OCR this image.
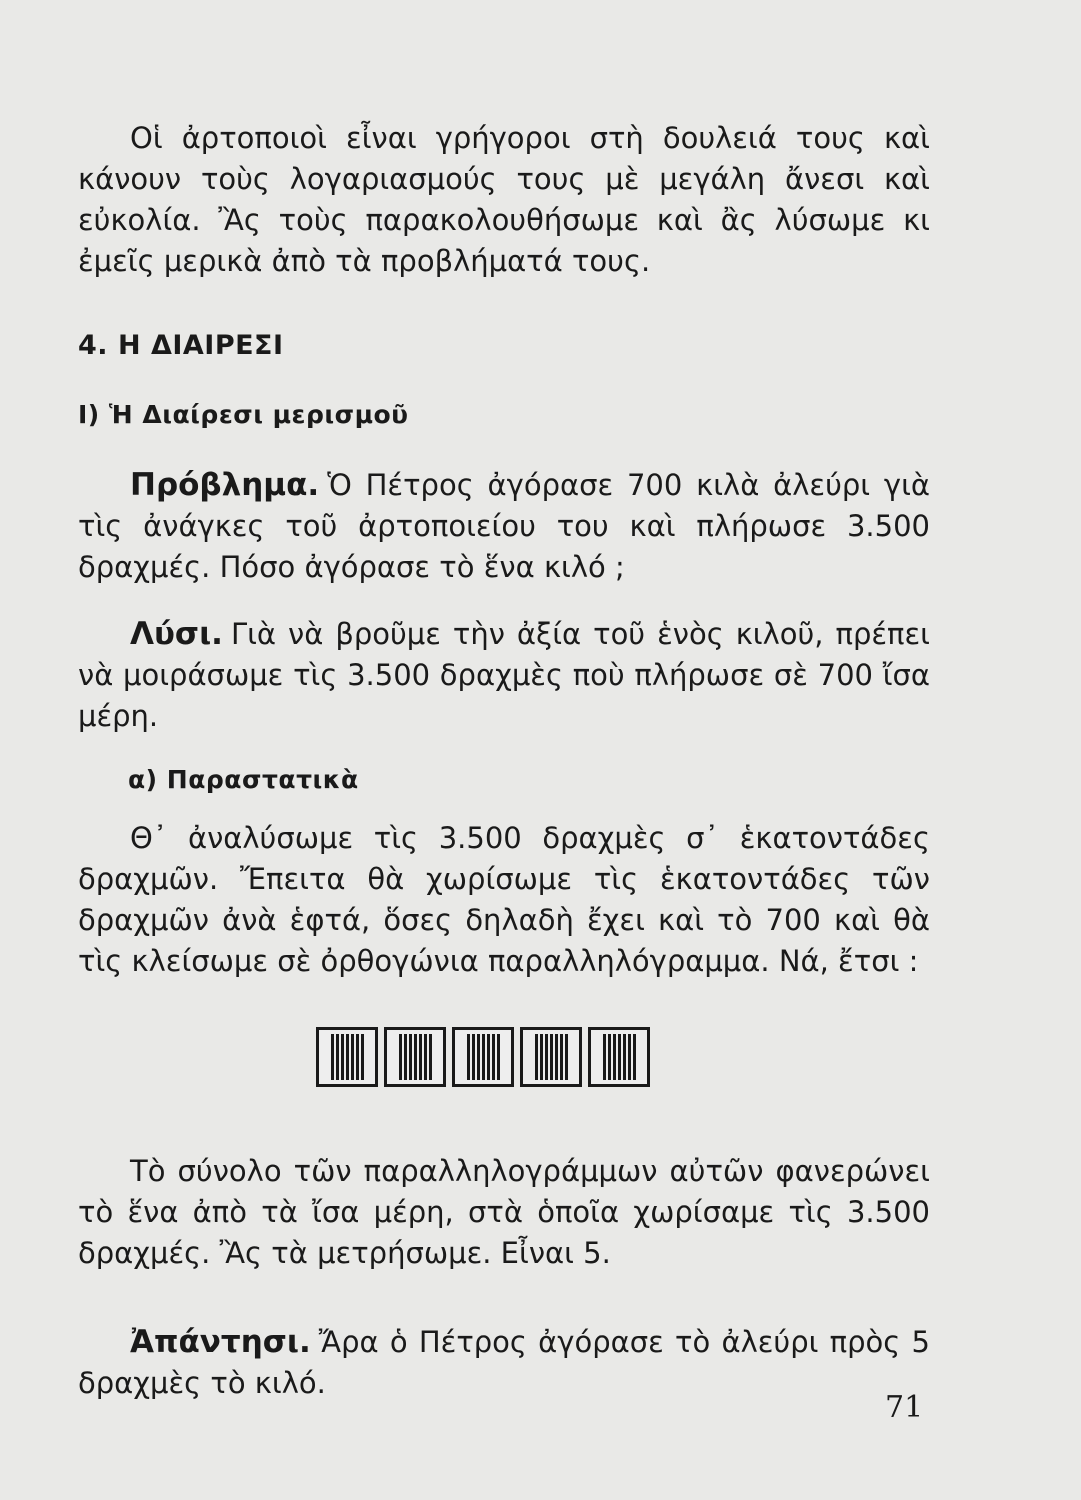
Οἱ ἀρτοποιοὶ εἶναι γρήγοροι στὴ δουλειά τους καὶ κάνουν τοὺς λογαριασμούς τους μὲ μεγάλη ἄνεσι καὶ εὐκολία. Ἂς τοὺς παρακολουθήσωμε καὶ ἂς λύσωμε κι ἐμεῖς μερικὰ ἀπὸ τὰ προβλήματά τους.

4. Η ΔΙΑΙΡΕΣΙ
Ι) Ἡ Διαίρεσι μερισμοῦ

Πρόβλημα. Ὁ Πέτρος ἀγόρασε 700 κιλὰ ἀλεύρι γιὰ τὶς ἀνάγκες τοῦ ἀρτοποιείου του καὶ πλήρωσε 3.500 δραχμές. Πόσο ἀγόρασε τὸ ἕνα κιλό ;

Λύσι. Γιὰ νὰ βροῦμε τὴν ἀξία τοῦ ἑνὸς κιλοῦ, πρέπει νὰ μοιράσωμε τὶς 3.500 δραχμὲς ποὺ πλήρωσε σὲ 700 ἴσα μέρη.

α) Παραστατικὰ

Θ᾽ ἀναλύσωμε τὶς 3.500 δραχμὲς σ᾽ ἑκατοντάδες δραχμῶν. Ἔπειτα θὰ χωρίσωμε τὶς ἑκατοντάδες τῶν δραχμῶν ἀνὰ ἑφτά, ὅσες δηλαδὴ ἔχει καὶ τὸ 700 καὶ θὰ τὶς κλείσωμε σὲ ὀρθογώνια παραλληλόγραμμα. Νά, ἔτσι :

Τὸ σύνολο τῶν παραλληλογράμμων αὐτῶν φανερώνει τὸ ἕνα ἀπὸ τὰ ἴσα μέρη, στὰ ὁποῖα χωρίσαμε τὶς 3.500 δραχμές. Ἂς τὰ μετρήσωμε. Εἶναι 5.

Ἀπάντησι. Ἄρα ὁ Πέτρος ἀγόρασε τὸ ἀλεύρι πρὸς 5 δραχμὲς τὸ κιλό.

71
